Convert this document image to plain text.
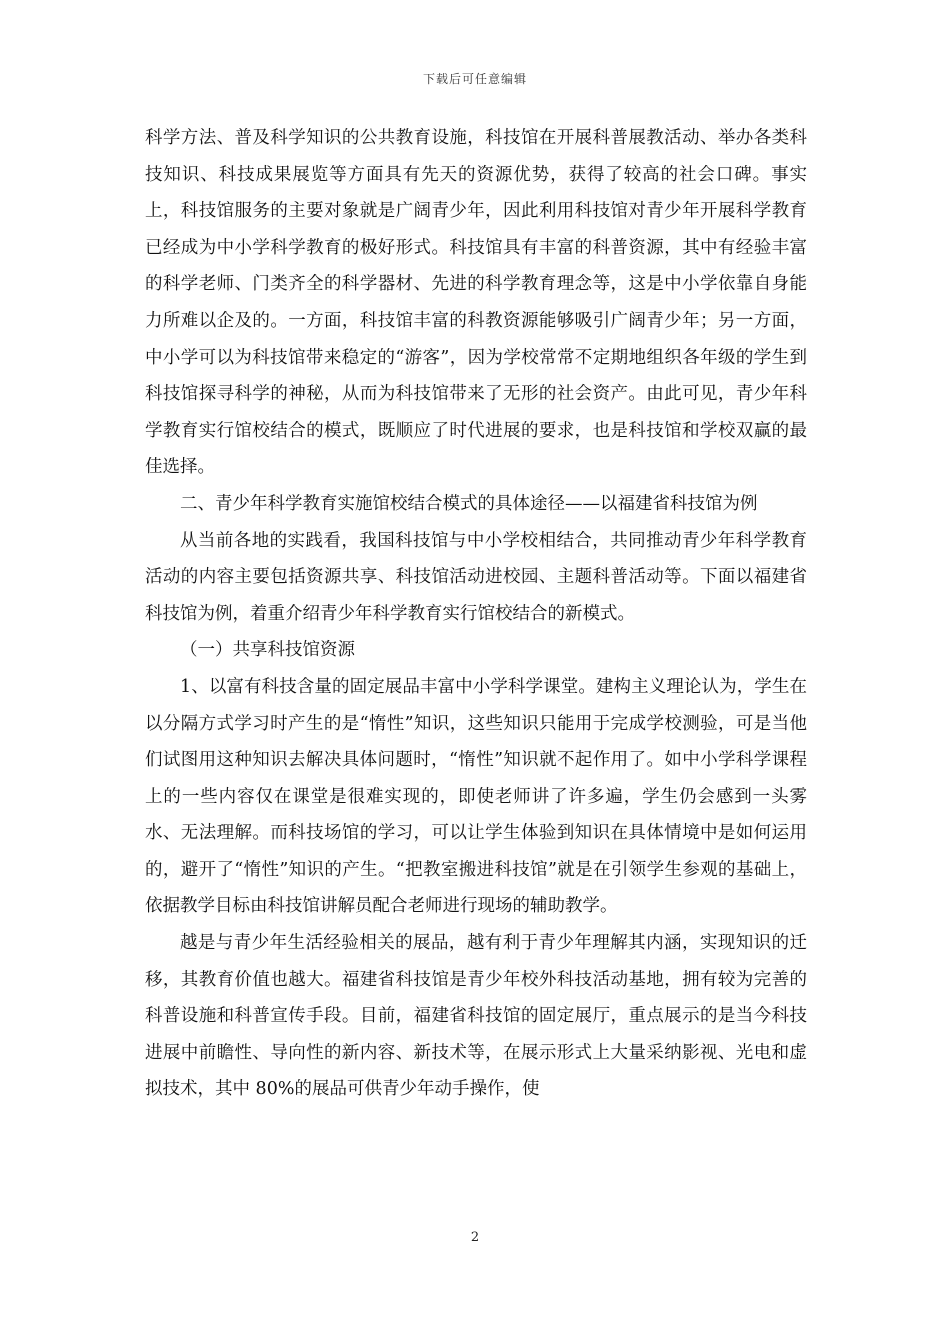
下载后可任意编辑

科学方法、普及科学知识的公共教育设施，科技馆在开展科普展教活动、举办各类科技知识、科技成果展览等方面具有先天的资源优势，获得了较高的社会口碑。事实上，科技馆服务的主要对象就是广阔青少年，因此利用科技馆对青少年开展科学教育已经成为中小学科学教育的极好形式。科技馆具有丰富的科普资源，其中有经验丰富的科学老师、门类齐全的科学器材、先进的科学教育理念等，这是中小学依靠自身能力所难以企及的。一方面，科技馆丰富的科教资源能够吸引广阔青少年；另一方面，中小学可以为科技馆带来稳定的“游客”，因为学校常常不定期地组织各年级的学生到科技馆探寻科学的神秘，从而为科技馆带来了无形的社会资产。由此可见，青少年科学教育实行馆校结合的模式，既顺应了时代进展的要求，也是科技馆和学校双赢的最佳选择。

二、青少年科学教育实施馆校结合模式的具体途径——以福建省科技馆为例

从当前各地的实践看，我国科技馆与中小学校相结合，共同推动青少年科学教育活动的内容主要包括资源共享、科技馆活动进校园、主题科普活动等。下面以福建省科技馆为例，着重介绍青少年科学教育实行馆校结合的新模式。

（一）共享科技馆资源

1、以富有科技含量的固定展品丰富中小学科学课堂。建构主义理论认为，学生在以分隔方式学习时产生的是“惰性”知识，这些知识只能用于完成学校测验，可是当他们试图用这种知识去解决具体问题时，“惰性”知识就不起作用了。如中小学科学课程上的一些内容仅在课堂是很难实现的，即使老师讲了许多遍，学生仍会感到一头雾水、无法理解。而科技场馆的学习，可以让学生体验到知识在具体情境中是如何运用的，避开了“惰性”知识的产生。“把教室搬进科技馆”就是在引领学生参观的基础上，依据教学目标由科技馆讲解员配合老师进行现场的辅助教学。

越是与青少年生活经验相关的展品，越有利于青少年理解其内涵，实现知识的迁移，其教育价值也越大。福建省科技馆是青少年校外科技活动基地，拥有较为完善的科普设施和科普宣传手段。目前，福建省科技馆的固定展厅，重点展示的是当今科技进展中前瞻性、导向性的新内容、新技术等，在展示形式上大量采纳影视、光电和虚拟技术，其中 80%的展品可供青少年动手操作，使

2
